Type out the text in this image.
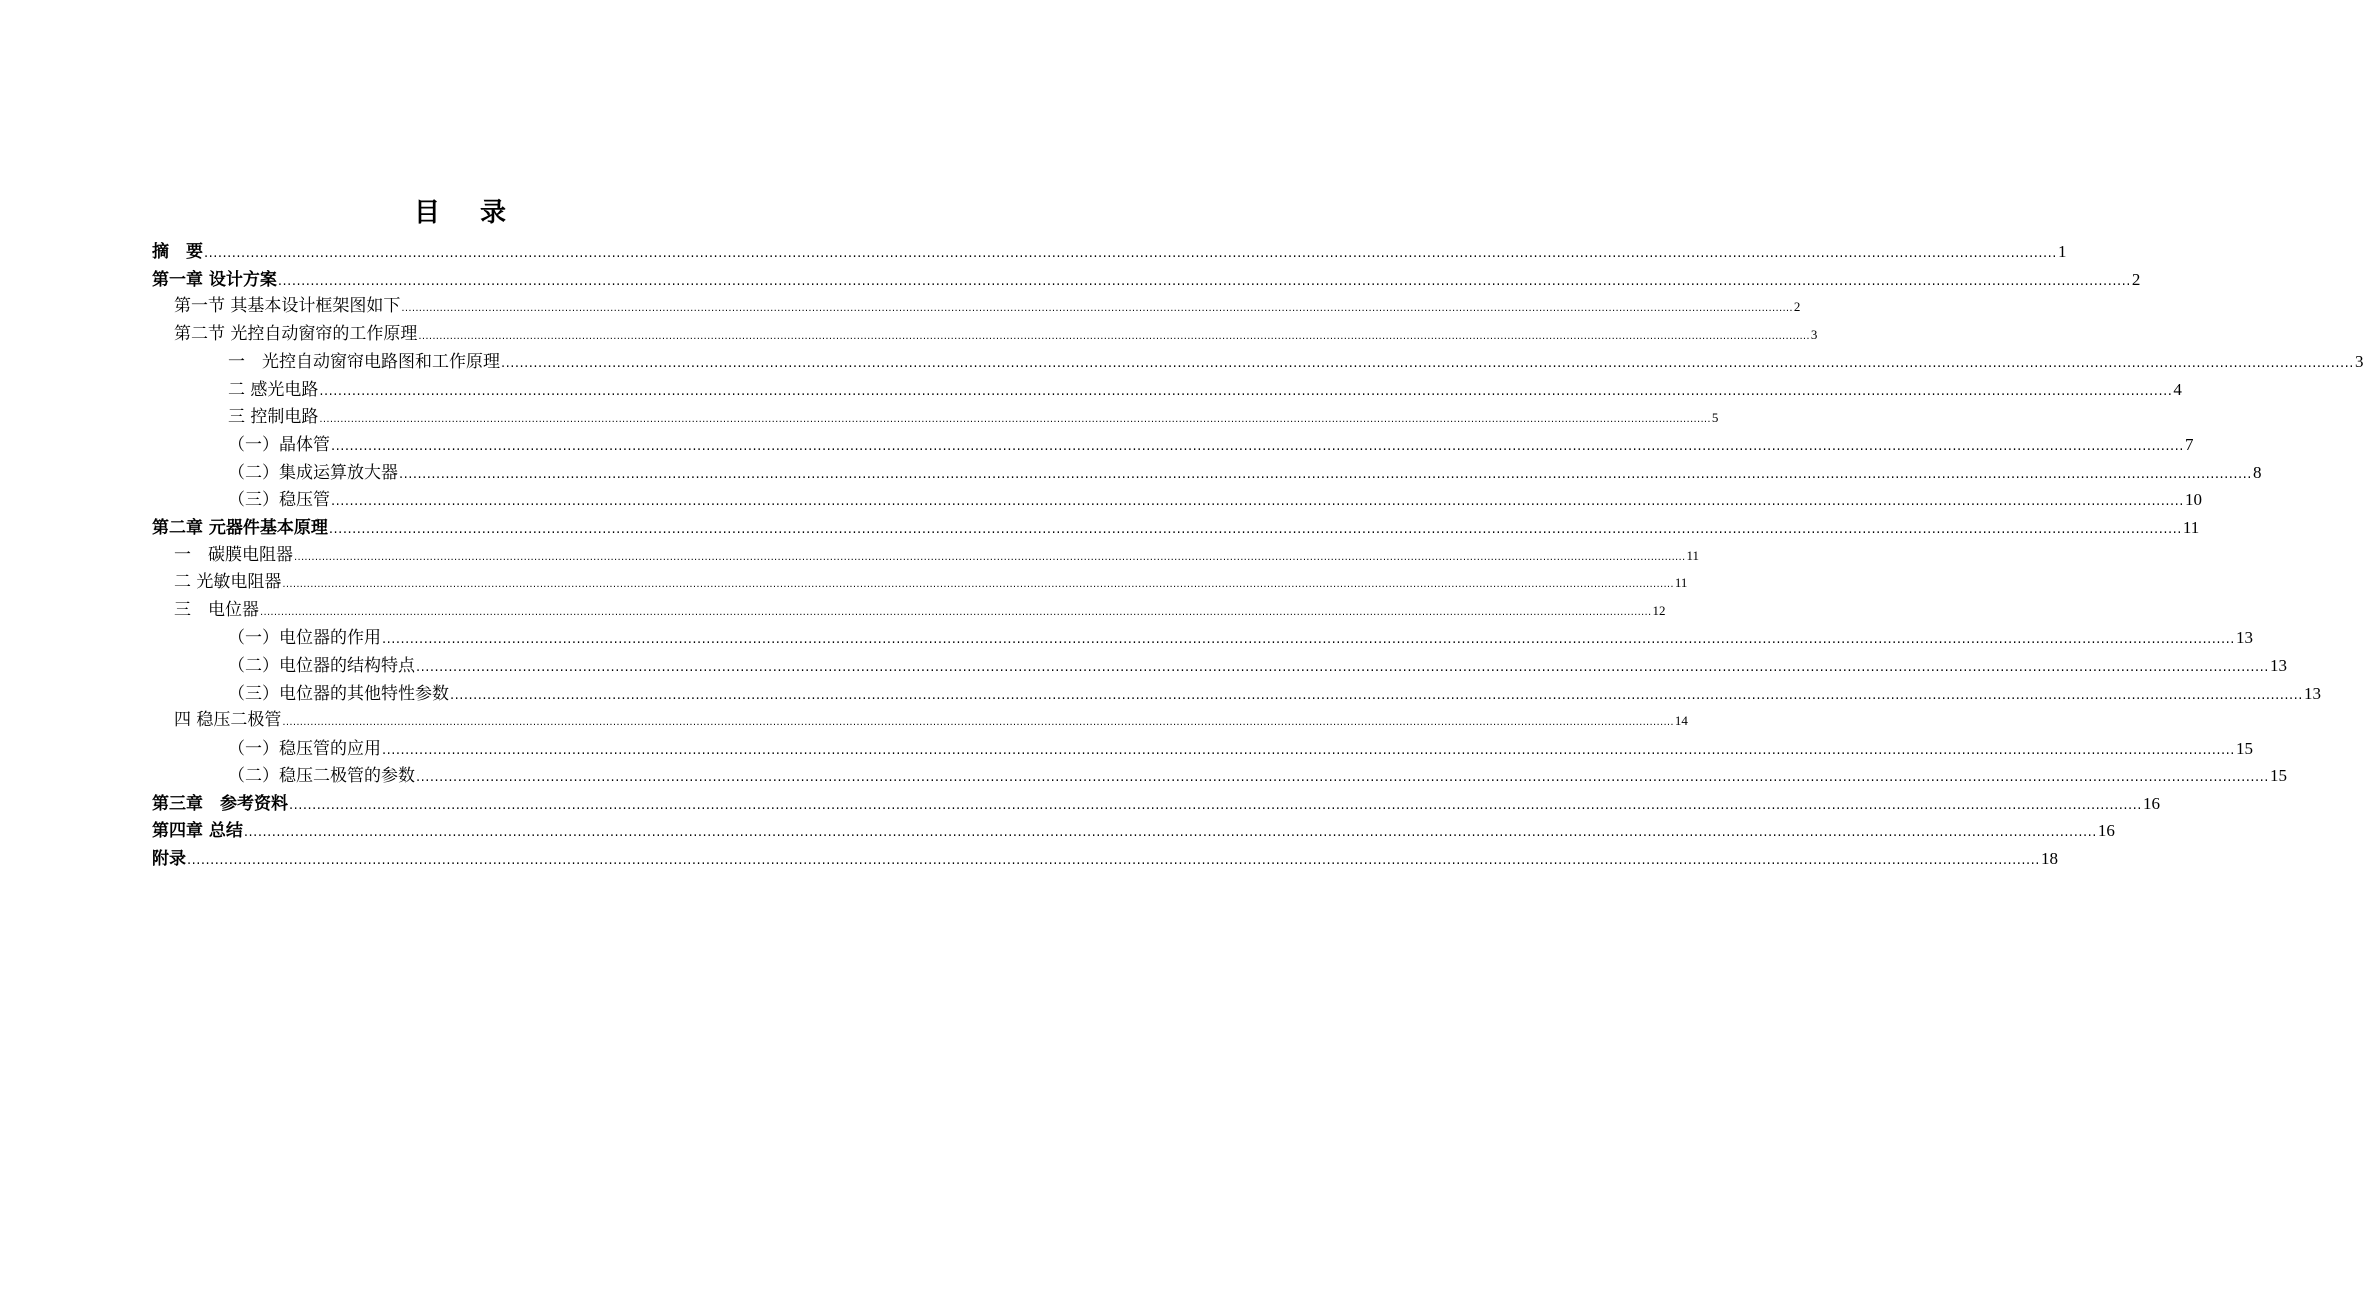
目 录
摘　要 ................................................................................................................................................................................................................................................................................................................................................................................................................ 1
第一章 设计方案 ................................................................................................................................................................................................................................................................................................................................................................................................................ 2
第一节 其基本设计框架图如下 ................................................................................................................................................................................................................................................................................................................................................................................................................ 2
第二节 光控自动窗帘的工作原理 ................................................................................................................................................................................................................................................................................................................................................................................................................ 3
一　光控自动窗帘电路图和工作原理 ................................................................................................................................................................................................................................................................................................................................................................................................................ 3
二 感光电路 ................................................................................................................................................................................................................................................................................................................................................................................................................ 4
三 控制电路 ................................................................................................................................................................................................................................................................................................................................................................................................................ 5
（一）晶体管 ................................................................................................................................................................................................................................................................................................................................................................................................................ 7
（二）集成运算放大器 ................................................................................................................................................................................................................................................................................................................................................................................................................ 8
（三）稳压管 ................................................................................................................................................................................................................................................................................................................................................................................................................ 10
第二章 元器件基本原理 ................................................................................................................................................................................................................................................................................................................................................................................................................ 11
一　碳膜电阻器 ................................................................................................................................................................................................................................................................................................................................................................................................................ 11
二 光敏电阻器 ................................................................................................................................................................................................................................................................................................................................................................................................................ 11
三　电位器 ................................................................................................................................................................................................................................................................................................................................................................................................................ 12
（一）电位器的作用 ................................................................................................................................................................................................................................................................................................................................................................................................................ 13
（二）电位器的结构特点 ................................................................................................................................................................................................................................................................................................................................................................................................................ 13
（三）电位器的其他特性参数 ................................................................................................................................................................................................................................................................................................................................................................................................................ 13
四 稳压二极管 ................................................................................................................................................................................................................................................................................................................................................................................................................ 14
（一）稳压管的应用 ................................................................................................................................................................................................................................................................................................................................................................................................................ 15
（二）稳压二极管的参数 ................................................................................................................................................................................................................................................................................................................................................................................................................ 15
第三章　参考资料 ................................................................................................................................................................................................................................................................................................................................................................................................................ 16
第四章 总结 ................................................................................................................................................................................................................................................................................................................................................................................................................ 16
附录 ................................................................................................................................................................................................................................................................................................................................................................................................................ 18
